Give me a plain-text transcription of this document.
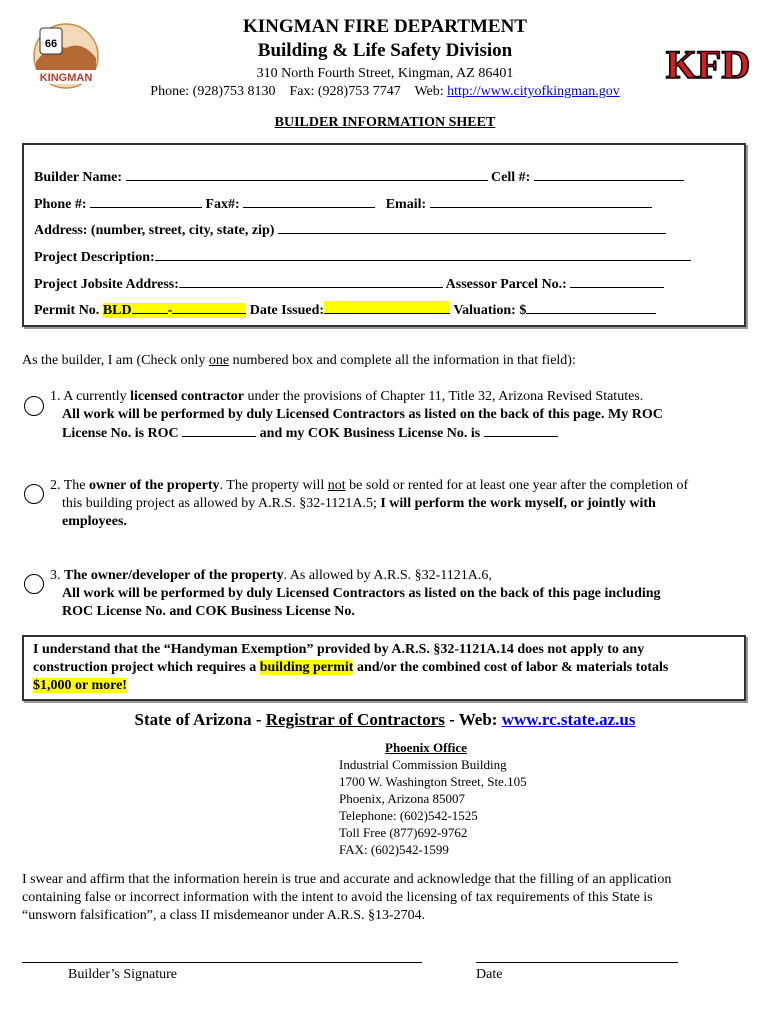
66
KINGMAN	KFD
KINGMAN FIRE DEPARTMENT
Building & Life Safety Division
310 North Fourth Street, Kingman, AZ 86401
Phone: (928)753 8130 Fax: (928)753 7747 Web: http://www.cityofkingman.gov
BUILDER INFORMATION SHEET
Builder Name:	Cell #:
Phone #:	Fax#:	Email:
Address: (number, street, city, state, zip)
Project Description:
Project Jobsite Address:	Assessor Parcel No.:
Permit No. BLD	-	Date Issued:	Valuation: $
As the builder, I am (Check only one numbered box and complete all the information in that field):
1. A currently licensed contractor under the provisions of Chapter 11, Title 32, Arizona Revised Statutes.
All work will be performed by duly Licensed Contractors as listed on the back of this page. My ROC
License No. is ROC	and my COK Business License No. is
2. The owner of the property. The property will not be sold or rented for at least one year after the completion of
this building project as allowed by A.R.S. §32-1121A.5; I will perform the work myself, or jointly with
employees.
3. The owner/developer of the property. As allowed by A.R.S. §32-1121A.6,
All work will be performed by duly Licensed Contractors as listed on the back of this page including
ROC License No. and COK Business License No.
I understand that the “Handyman Exemption” provided by A.R.S. §32-1121A.14 does not apply to any
construction project which requires a building permit and/or the combined cost of labor & materials totals
$1,000 or more!
State of Arizona - Registrar of Contractors - Web: www.rc.state.az.us
Phoenix Office
Industrial Commission Building
1700 W. Washington Street, Ste.105
Phoenix, Arizona 85007
Telephone: (602)542-1525
Toll Free (877)692-9762
FAX: (602)542-1599
I swear and affirm that the information herein is true and accurate and acknowledge that the filling of an application
containing false or incorrect information with the intent to avoid the licensing of tax requirements of this State is
“unsworn falsification”, a class II misdemeanor under A.R.S. §13-2704.
Builder’s Signature	Date
